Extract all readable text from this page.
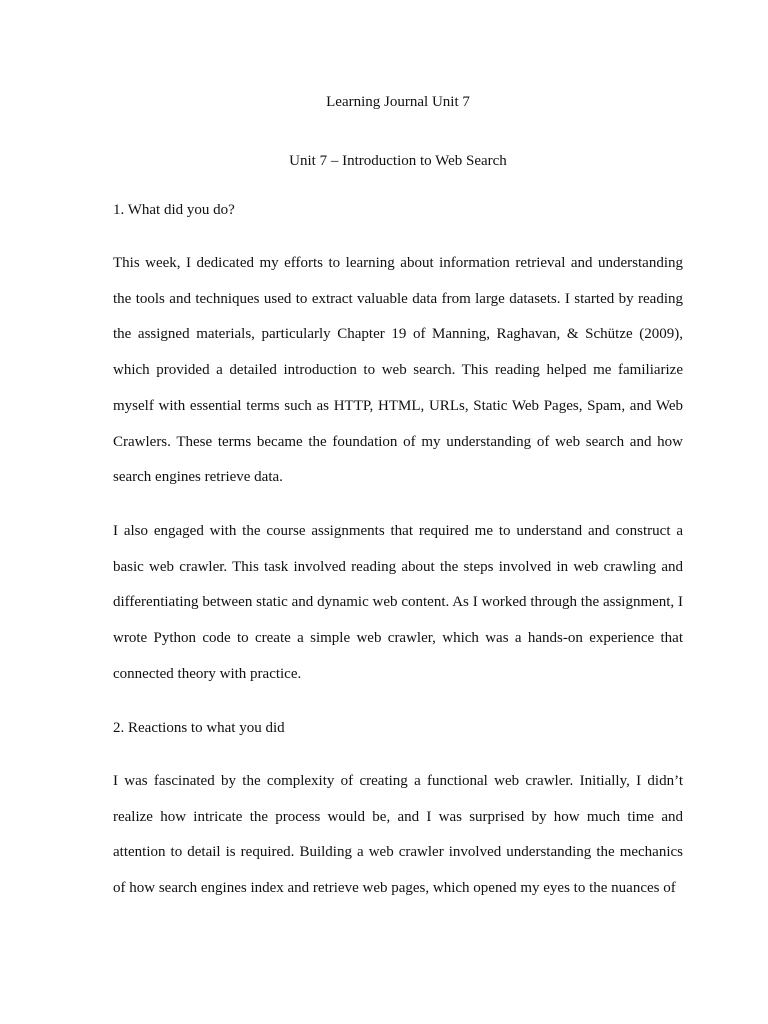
Learning Journal Unit 7
Unit 7 – Introduction to Web Search
1. What did you do?

This week, I dedicated my efforts to learning about information retrieval and understanding the tools and techniques used to extract valuable data from large datasets. I started by reading the assigned materials, particularly Chapter 19 of Manning, Raghavan, & Schütze (2009), which provided a detailed introduction to web search. This reading helped me familiarize myself with essential terms such as HTTP, HTML, URLs, Static Web Pages, Spam, and Web Crawlers. These terms became the foundation of my understanding of web search and how search engines retrieve data.

I also engaged with the course assignments that required me to understand and construct a basic web crawler. This task involved reading about the steps involved in web crawling and differentiating between static and dynamic web content. As I worked through the assignment, I wrote Python code to create a simple web crawler, which was a hands-on experience that connected theory with practice.

2. Reactions to what you did

I was fascinated by the complexity of creating a functional web crawler. Initially, I didn’t realize how intricate the process would be, and I was surprised by how much time and attention to detail is required. Building a web crawler involved understanding the mechanics of how search engines index and retrieve web pages, which opened my eyes to the nuances of
